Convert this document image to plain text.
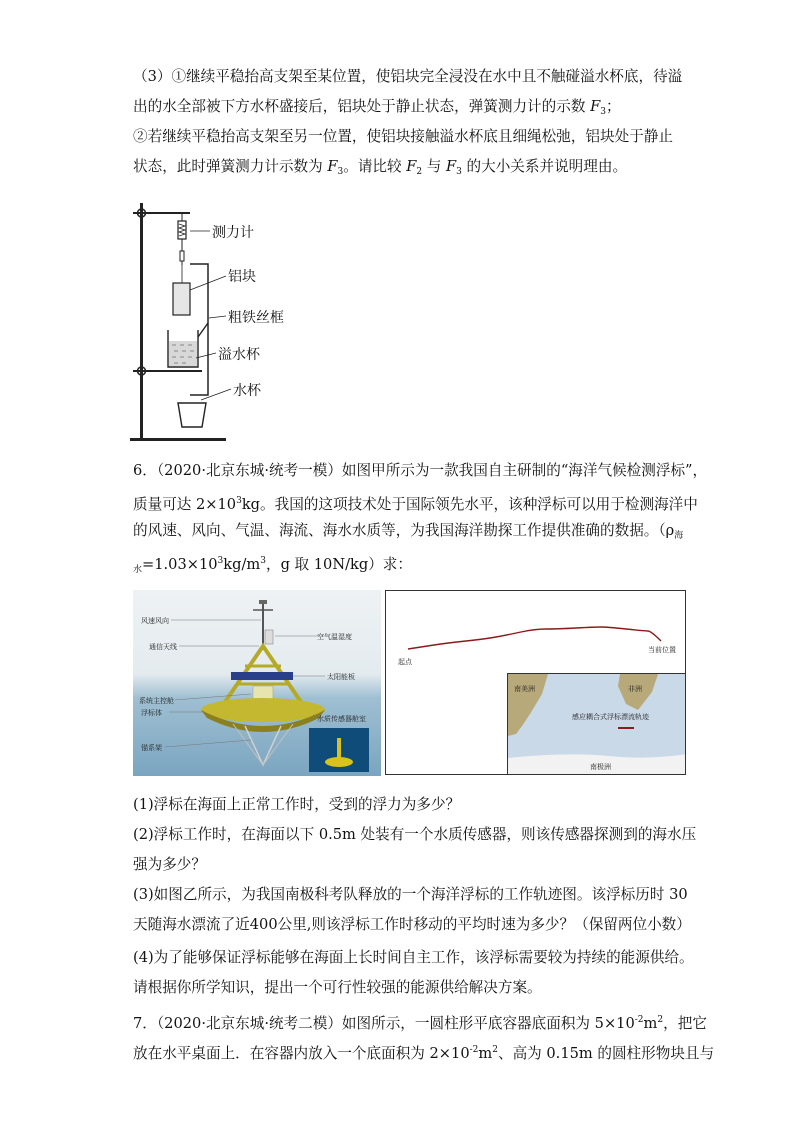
（3）①继续平稳抬高支架至某位置，使铝块完全浸没在水中且不触碰溢水杯底，待溢
出的水全部被下方水杯盛接后，铝块处于静止状态，弹簧测力计的示数 $F_3$；
②若继续平稳抬高支架至另一位置，使铝块接触溢水杯底且细绳松弛，铝块处于静止
状态，此时弹簧测力计示数为 $F_3$。请比较 $F_2$ 与 $F_3$ 的大小关系并说明理由。
测力计
铝块
粗铁丝框
溢水杯
水杯
6．（2020·北京东城·统考一模）如图甲所示为一款我国自主研制的“海洋气候检测浮标”，
质量可达 $2\times 10^3kg$。我国的这项技术处于国际领先水平，该种浮标可以用于检测海洋中
的风速、风向、气温、海流、海水水质等，为我国海洋勘探工作提供准确的数据。（$\rho_海$
$_水=1.03\times 10^3kg/m^3$，g 取 10N/kg）求：
风速风向
通信天线
系统主控舱
浮标体
锚系架
空气温湿度
太阳能板
水质传感器舱室
起点
当前位置
南美洲	非洲
感应耦合式浮标漂流轨迹
南极洲
(1)浮标在海面上正常工作时，受到的浮力为多少？
(2)浮标工作时，在海面以下 0.5m 处装有一个水质传感器，则该传感器探测到的海水压
强为多少？
(3)如图乙所示，为我国南极科考队释放的一个海洋浮标的工作轨迹图。该浮标历时 30
天随海水漂流了近400公里,则该浮标工作时移动的平均时速为多少？（保留两位小数）
(4)为了能够保证浮标能够在海面上长时间自主工作，该浮标需要较为持续的能源供给。
请根据你所学知识，提出一个可行性较强的能源供给解决方案。
7．（2020·北京东城·统考二模）如图所示，一圆柱形平底容器底面积为 $5\times 10^{-2}m^2$，把它
放在水平桌面上．在容器内放入一个底面积为 $2\times 10^{-2}m^2$、高为 0.15m 的圆柱形物块且与
